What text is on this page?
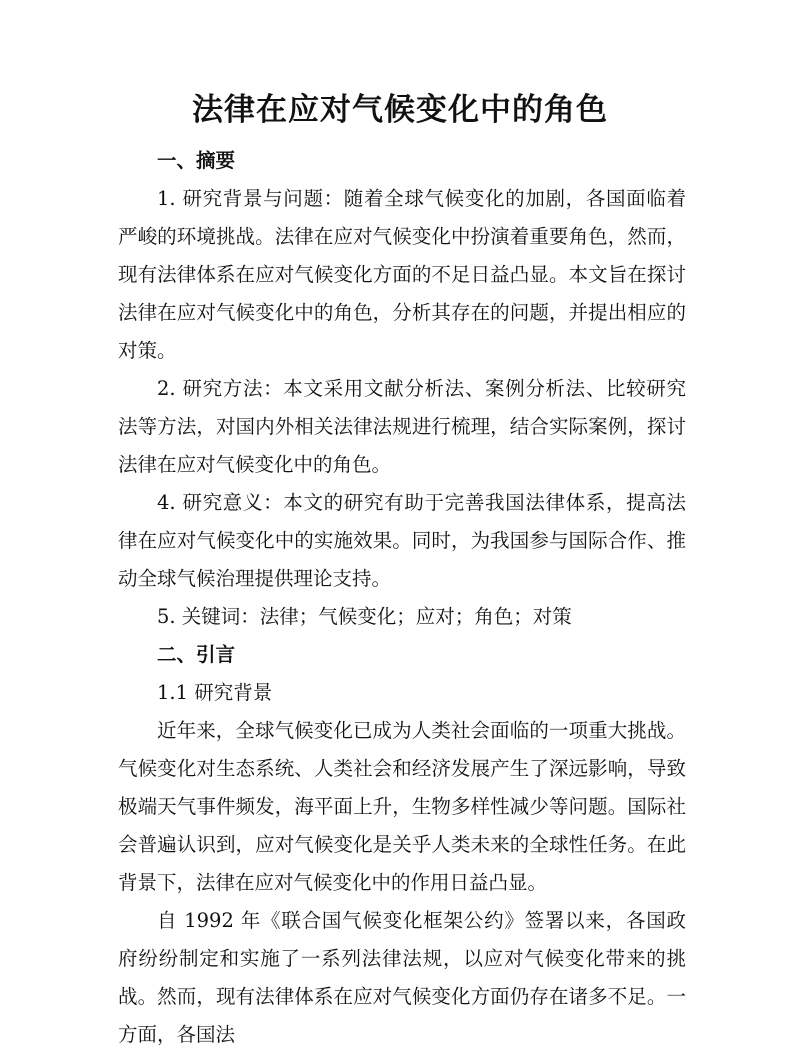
法律在应对气候变化中的角色

一、摘要

1. 研究背景与问题：随着全球气候变化的加剧，各国面临着严峻的环境挑战。法律在应对气候变化中扮演着重要角色，然而，现有法律体系在应对气候变化方面的不足日益凸显。本文旨在探讨法律在应对气候变化中的角色，分析其存在的问题，并提出相应的对策。

2. 研究方法：本文采用文献分析法、案例分析法、比较研究法等方法，对国内外相关法律法规进行梳理，结合实际案例，探讨法律在应对气候变化中的角色。

4. 研究意义：本文的研究有助于完善我国法律体系，提高法律在应对气候变化中的实施效果。同时，为我国参与国际合作、推动全球气候治理提供理论支持。

5. 关键词：法律；气候变化；应对；角色；对策

二、引言

1.1 研究背景

近年来，全球气候变化已成为人类社会面临的一项重大挑战。气候变化对生态系统、人类社会和经济发展产生了深远影响，导致极端天气事件频发，海平面上升，生物多样性减少等问题。国际社会普遍认识到，应对气候变化是关乎人类未来的全球性任务。在此背景下，法律在应对气候变化中的作用日益凸显。

自 1992 年《联合国气候变化框架公约》签署以来，各国政府纷纷制定和实施了一系列法律法规，以应对气候变化带来的挑战。然而，现有法律体系在应对气候变化方面仍存在诸多不足。一方面，各国法
